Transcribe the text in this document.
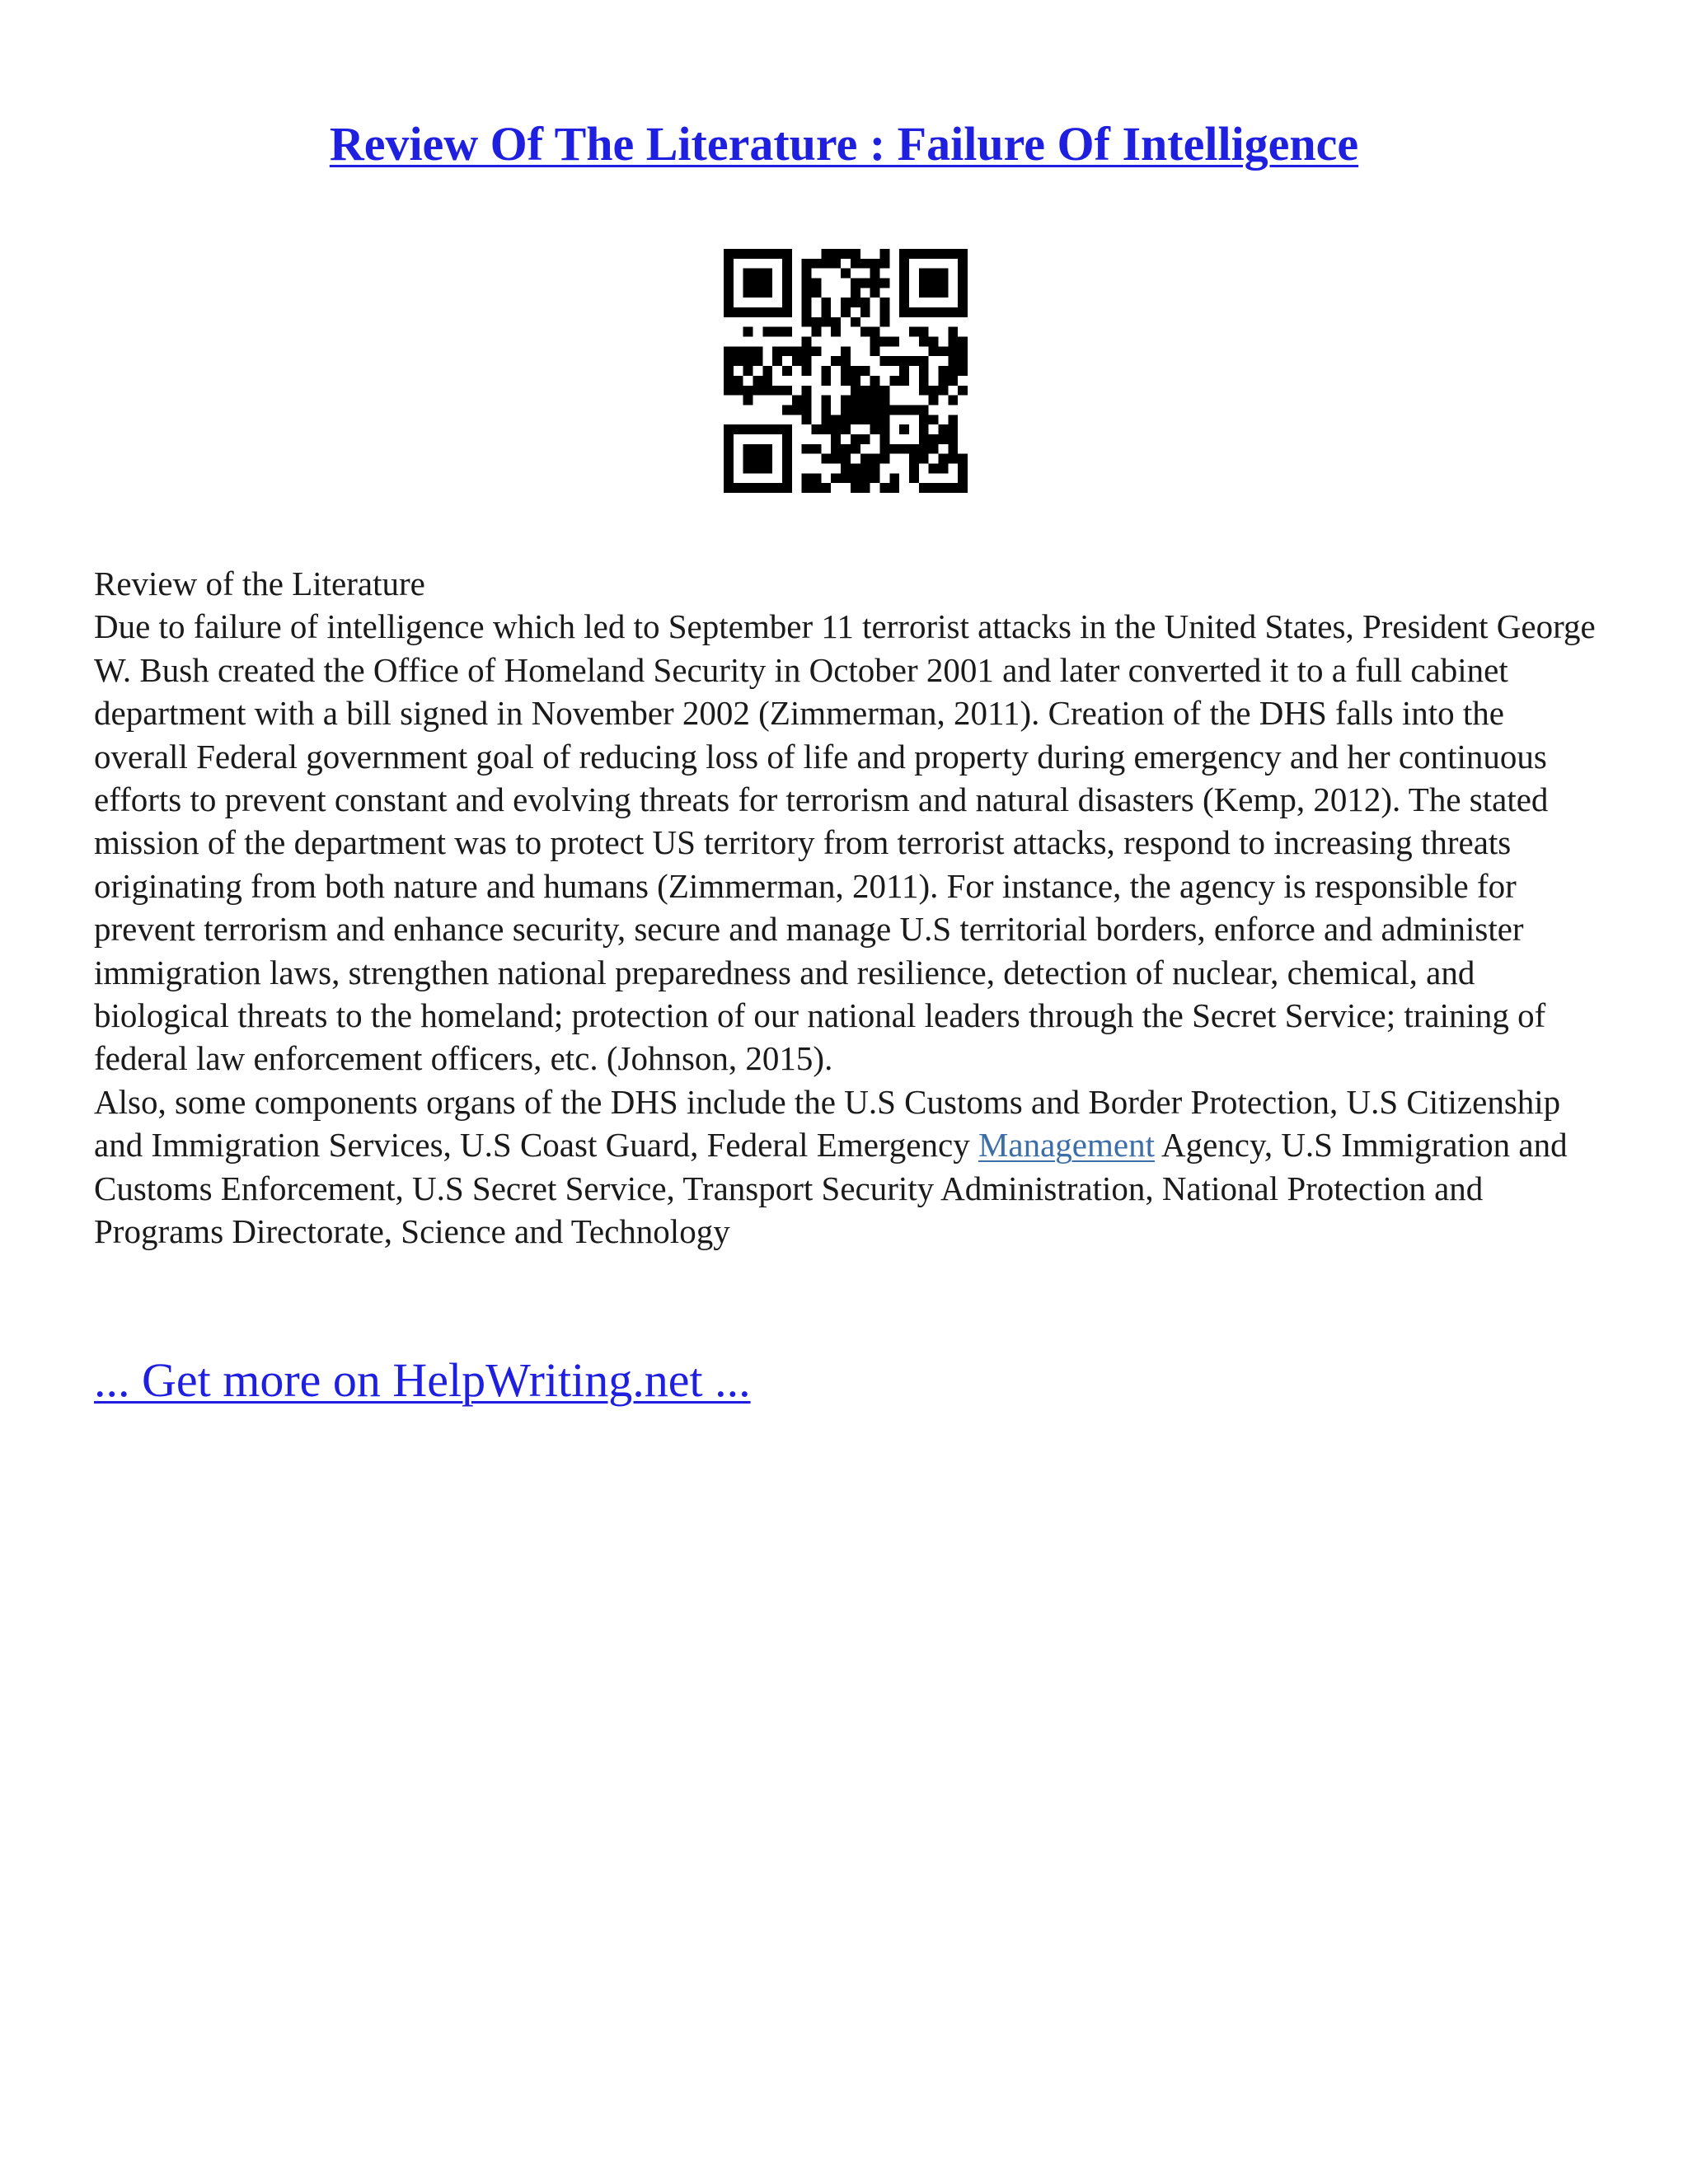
Review Of The Literature : Failure Of Intelligence

Review of the Literature

Due to failure of intelligence which led to September 11 terrorist attacks in the United States, President George W. Bush created the Office of Homeland Security in October 2001 and later converted it to a full cabinet department with a bill signed in November 2002 (Zimmerman, 2011). Creation of the DHS falls into the overall Federal government goal of reducing loss of life and property during emergency and her continuous efforts to prevent constant and evolving threats for terrorism and natural disasters (Kemp, 2012). The stated mission of the department was to protect US territory from terrorist attacks, respond to increasing threats originating from both nature and humans (Zimmerman, 2011). For instance, the agency is responsible for prevent terrorism and enhance security, secure and manage U.S territorial borders, enforce and administer immigration laws, strengthen national preparedness and resilience, detection of nuclear, chemical, and biological threats to the homeland; protection of our national leaders through the Secret Service; training of federal law enforcement officers, etc. (Johnson, 2015).

Also, some components organs of the DHS include the U.S Customs and Border Protection, U.S Citizenship and Immigration Services, U.S Coast Guard, Federal Emergency Management Agency, U.S Immigration and Customs Enforcement, U.S Secret Service, Transport Security Administration, National Protection and Programs Directorate, Science and Technology

... Get more on HelpWriting.net ...
